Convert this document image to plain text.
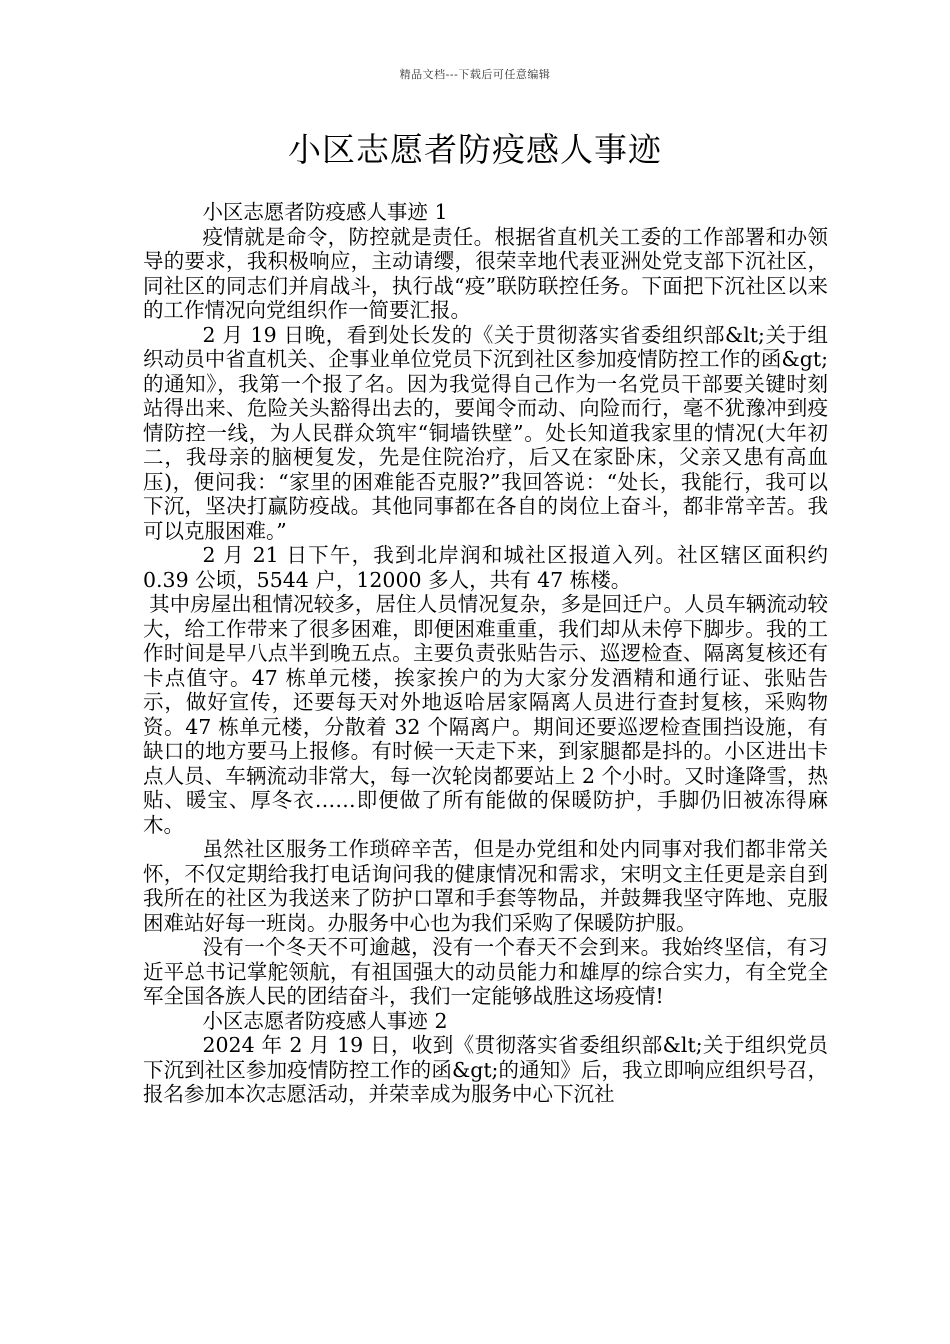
精品文档---下载后可任意编辑
小区志愿者防疫感人事迹

小区志愿者防疫感人事迹 1

疫情就是命令，防控就是责任。根据省直机关工委的工作部署和办领导的要求，我积极响应，主动请缨，很荣幸地代表亚洲处党支部下沉社区，同社区的同志们并肩战斗，执行战“疫”联防联控任务。下面把下沉社区以来的工作情况向党组织作一简要汇报。

2 月 19 日晚，看到处长发的《关于贯彻落实省委组织部&lt;关于组织动员中省直机关、企事业单位党员下沉到社区参加疫情防控工作的函&gt;的通知》，我第一个报了名。因为我觉得自己作为一名党员干部要关键时刻站得出来、危险关头豁得出去的，要闻令而动、向险而行，毫不犹豫冲到疫情防控一线，为人民群众筑牢“铜墙铁壁”。处长知道我家里的情况(大年初二，我母亲的脑梗复发，先是住院治疗，后又在家卧床，父亲又患有高血压)，便问我：“家里的困难能否克服?”我回答说：“处长，我能行，我可以下沉，坚决打赢防疫战。其他同事都在各自的岗位上奋斗，都非常辛苦。我可以克服困难。”

2 月 21 日下午，我到北岸润和城社区报道入列。社区辖区面积约 0.39 公顷，5544 户，12000 多人，共有 47 栋楼。

其中房屋出租情况较多，居住人员情况复杂，多是回迁户。人员车辆流动较大，给工作带来了很多困难，即便困难重重，我们却从未停下脚步。我的工作时间是早八点半到晚五点。主要负责张贴告示、巡逻检查、隔离复核还有卡点值守。47 栋单元楼，挨家挨户的为大家分发酒精和通行证、张贴告示，做好宣传，还要每天对外地返哈居家隔离人员进行查封复核，采购物资。47 栋单元楼，分散着 32 个隔离户。期间还要巡逻检查围挡设施，有缺口的地方要马上报修。有时候一天走下来，到家腿都是抖的。小区进出卡点人员、车辆流动非常大，每一次轮岗都要站上 2 个小时。又时逢降雪，热贴、暖宝、厚冬衣……即便做了所有能做的保暖防护，手脚仍旧被冻得麻木。

虽然社区服务工作琐碎辛苦，但是办党组和处内同事对我们都非常关怀，不仅定期给我打电话询问我的健康情况和需求，宋明文主任更是亲自到我所在的社区为我送来了防护口罩和手套等物品，并鼓舞我坚守阵地、克服困难站好每一班岗。办服务中心也为我们采购了保暖防护服。

没有一个冬天不可逾越，没有一个春天不会到来。我始终坚信，有习近平总书记掌舵领航，有祖国强大的动员能力和雄厚的综合实力，有全党全军全国各族人民的团结奋斗，我们一定能够战胜这场疫情!

小区志愿者防疫感人事迹 2

2024 年 2 月 19 日，收到《贯彻落实省委组织部&lt;关于组织党员下沉到社区参加疫情防控工作的函&gt;的通知》后，我立即响应组织号召，报名参加本次志愿活动，并荣幸成为服务中心下沉社
